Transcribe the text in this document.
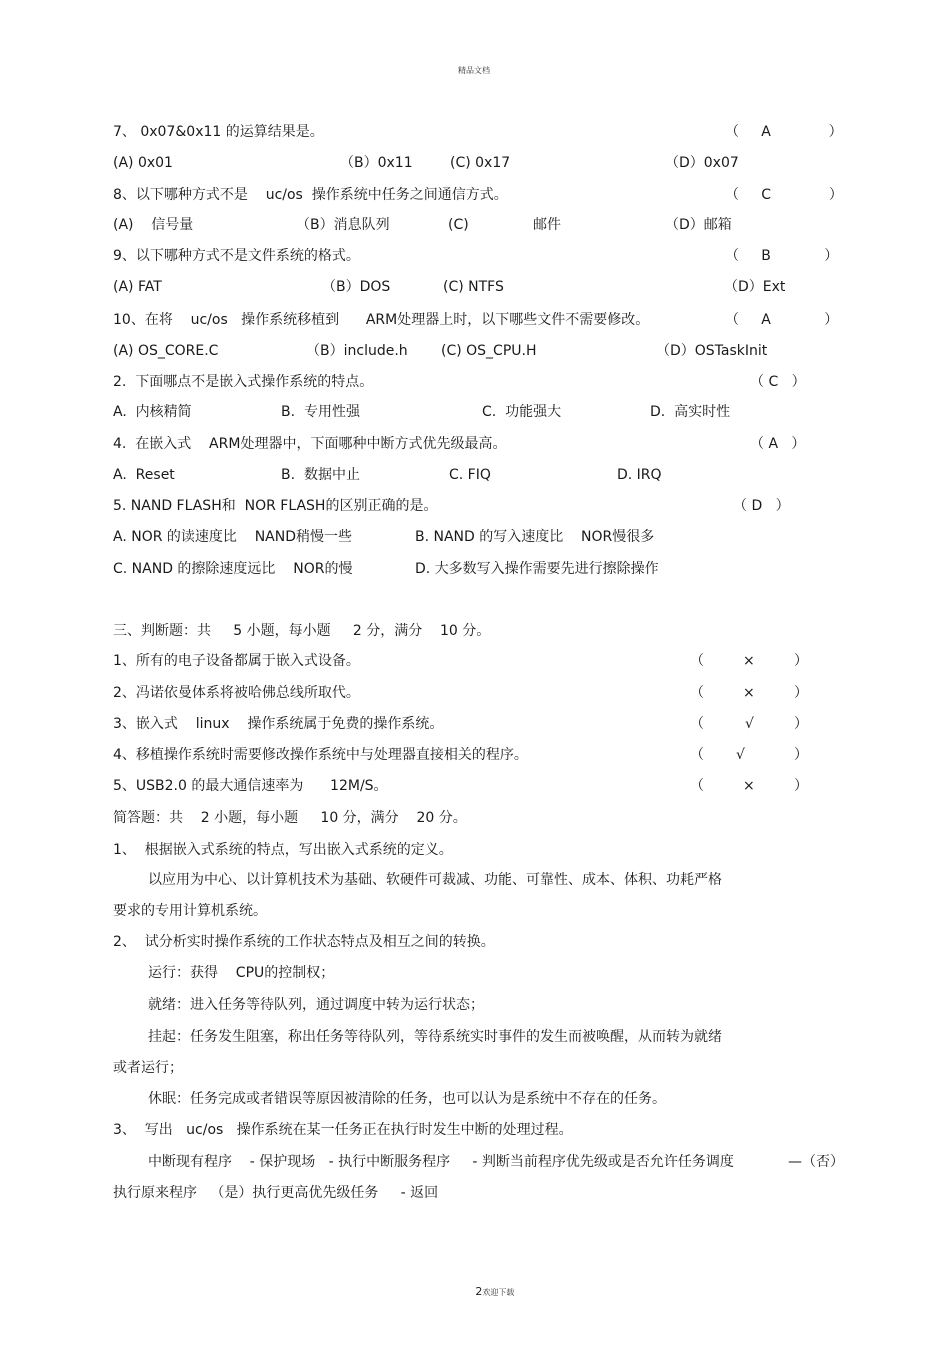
精品文档
7、 0x07&0x11 的运算结果是。	（     A             ）
(A) 0x01	（B）0x11	(C) 0x17	（D）0x07
8、以下哪种方式不是    uc/os  操作系统中任务之间通信方式。	（     C             ）
(A)    信号量	（B）消息队列	(C)	邮件	（D）邮箱
9、以下哪种方式不是文件系统的格式。	（     B            ）
(A) FAT	（B）DOS	(C) NTFS	（D）Ext
10、在将    uc/os   操作系统移植到      ARM处理器上时，以下哪些文件不需要修改。	（     A            ）
(A) OS_CORE.C	（B）include.h (C) OS_CPU.H	（D）OSTaskInit
2.  下面哪点不是嵌入式操作系统的特点。	（ C   ）
A.  内核精简	B.  专用性强	C.  功能强大	D.  高实时性
4.  在嵌入式    ARM处理器中，下面哪种中断方式优先级最高。	（ A   ）
A.  Reset	B.  数据中止	C. FIQ	D. IRQ
5. NAND FLASH和  NOR FLASH的区别正确的是。	（ D   ）
A. NOR 的读速度比    NAND稍慢一些	B. NAND 的写入速度比    NOR慢很多
C. NAND 的擦除速度远比    NOR的慢	D. 大多数写入操作需要先进行擦除操作
三、判断题：共     5 小题，每小题     2 分，满分    10 分。
1、所有的电子设备都属于嵌入式设备。	（	×	）
2、冯诺依曼体系将被哈佛总线所取代。	（	×	）
3、嵌入式    linux    操作系统属于免费的操作系统。	（	√	）
4、移植操作系统时需要修改操作系统中与处理器直接相关的程序。	（ √	）
5、USB2.0 的最大通信速率为      12M/S。	（	×	）
简答题：共    2 小题，每小题     10 分，满分    20 分。
1、  根据嵌入式系统的特点，写出嵌入式系统的定义。
以应用为中心、以计算机技术为基础、软硬件可裁减、功能、可靠性、成本、体积、功耗严格
要求的专用计算机系统。
2、  试分析实时操作系统的工作状态特点及相互之间的转换。
运行：获得    CPU的控制权；
就绪：进入任务等待队列，通过调度中转为运行状态；
挂起：任务发生阻塞，称出任务等待队列，等待系统实时事件的发生而被唤醒，从而转为就绪
或者运行；
休眠：任务完成或者错误等原因被清除的任务，也可以认为是系统中不存在的任务。
3、  写出   uc/os   操作系统在某一任务正在执行时发生中断的处理过程。
中断现有程序    - 保护现场   - 执行中断服务程序     - 判断当前程序优先级或是否允许任务调度	—（否）
执行原来程序   （是）执行更高优先级任务     - 返回

2欢迎下载
